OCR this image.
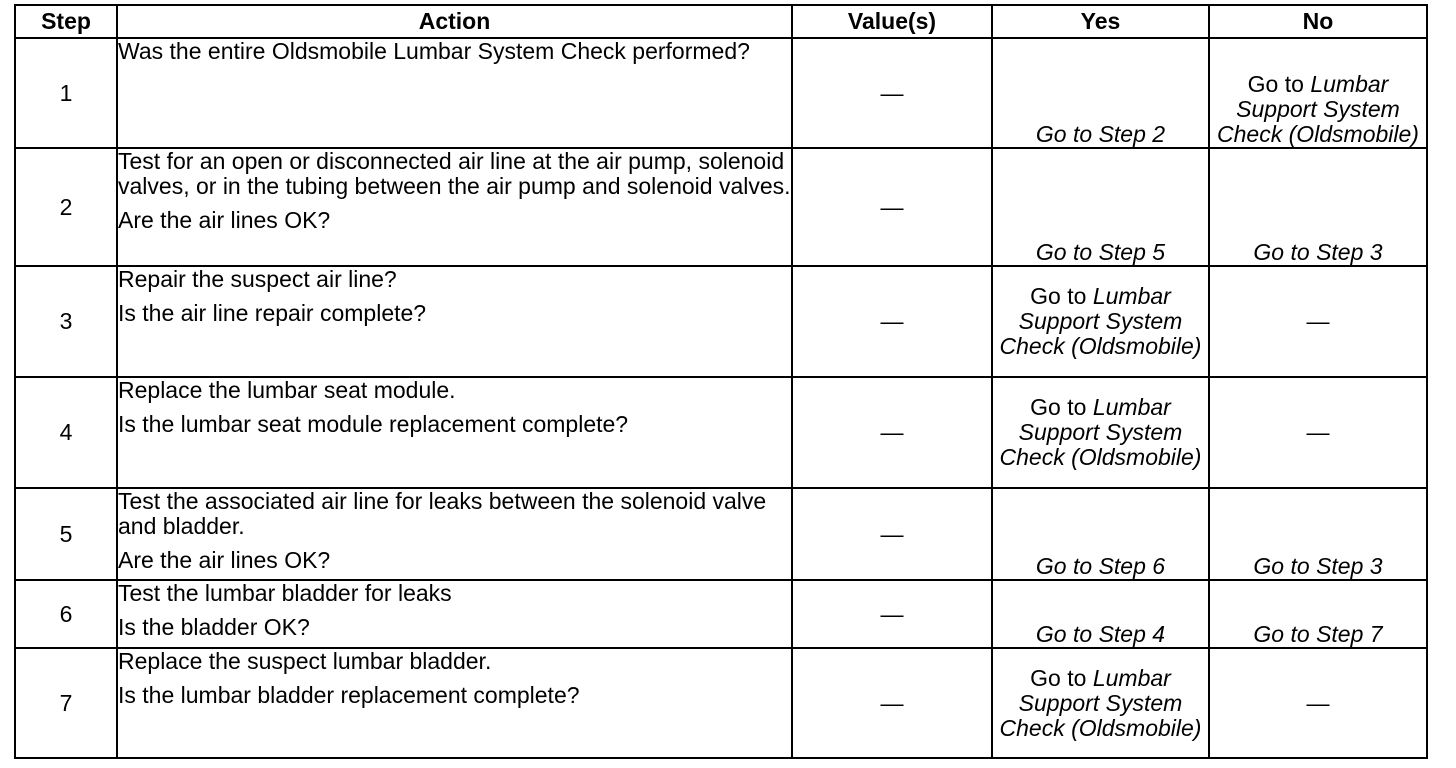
Step	Action	Value(s)	Yes	No
1	Was the entire Oldsmobile Lumbar System Check performed?	—	Go to Step 2	Go to Lumbar Support System Check (Oldsmobile)
2	Test for an open or disconnected air line at the air pump, solenoid valves, or in the tubing between the air pump and solenoid valves.
Are the air lines OK?	—	Go to Step 5	Go to Step 3
3	Repair the suspect air line?
Is the air line repair complete?	—	Go to Lumbar Support System Check (Oldsmobile)	—
4	Replace the lumbar seat module.
Is the lumbar seat module replacement complete?	—	Go to Lumbar Support System Check (Oldsmobile)	—
5	Test the associated air line for leaks between the solenoid valve and bladder.
Are the air lines OK?	—	Go to Step 6	Go to Step 3
6	Test the lumbar bladder for leaks
Is the bladder OK?	—	Go to Step 4	Go to Step 7
7	Replace the suspect lumbar bladder.
Is the lumbar bladder replacement complete?	—	Go to Lumbar Support System Check (Oldsmobile)	—
